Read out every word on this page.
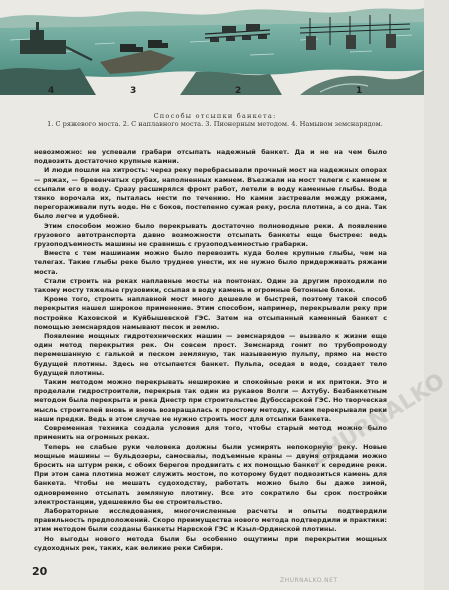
4	3	2	1
Способы отсыпки банкета:
1. С ряжевого моста. 2. С наплавного моста. 3. Пионерным методом. 4. Намывом земснарядом.

невозможно: не успевали грабари отсыпать надежный банкет. Да и не на чем было подвозить достаточно крупные камни.

И люди пошли на хитрость: через реку перебрасывали прочный мост на надежных опорах — ряжах, — бревенчатых срубах, наполненных камнем. Въезжали на мост телеги с камнем и ссыпали его в воду. Сразу расширялся фронт работ, летели в воду каменные глыбы. Вода тянко ворочала их, пыталась нести по течению. Но камни застревали между ряжами, перегораживали путь воде. Не с боков, постепенно сужая реку, росла плотина, а со дна. Так было легче и удобней.

Этим способом можно было перекрывать достаточно полноводные реки. А появление грузового автотранспорта давно возможности отсыпать банкеты еще быстрее: ведь грузоподъемность машины не сравнишь с грузоподъемностью грабарки.

Вместе с тем машинами можно было перевозить куда более крупные глыбы, чем на телегах. Такие глыбы реке было труднее унести, их не нужно было придерживать ряжами моста.

Стали строить на реках наплавные мосты на понтонах. Один за другим проходили по такому мосту тяжелые грузовики, ссыпая в воду камень и огромные бетонные блоки.

Кроме того, строить наплавной мост много дешевле и быстрей, поэтому такой способ перекрытия нашел широкое применение. Этим способом, например, перекрывали реку при постройке Каховской и Куйбышевской ГЭС. Затем на отсыпанный каменный банкет с помощью земснарядов намывают песок и землю.

Появление мощных гидротехнических машин — земснарядов — вызвало к жизни еще один метод перекрытия рек. Он совсем прост. Земснаряд гонит по трубопроводу перемешанную с галькой и песком земляную, так называемую пульпу, прямо на место будущей плотины. Здесь не отсыпается банкет. Пульпа, оседая в воде, создает тело будущей плотины.

Таким методом можно перекрывать неширокие и спокойные реки и их притоки. Это и проделали гидростроители, перекрыв так один из рукавов Волги — Ахтубу. Безбанкетным методом была перекрыта и река Днестр при строительстве Дубоссарской ГЭС. Но творческая мысль строителей вновь и вновь возвращалась к простому методу, каким перекрывали реки наши предки. Ведь в этом случае не нужно строить мост для отсыпки банкета.

Современная техника создала условия для того, чтобы старый метод можно было применить на огромных реках.

Теперь не слабые руки человека должны были усмирять непокорную реку. Новые мощные машины — бульдозеры, самосвалы, подъемные краны — двумя отрядами можно бросить на штурм реки, с обоих берегов продвигать с их помощью банкет к середине реки. При этом сама плотина может служить мостом, по которому будет подвозиться камень для банкета. Чтобы не мешать судоходству, работать можно было бы даже зимой, одновременно отсыпать земляную плотину. Все это сократило бы срок постройки электростанции, удешевило бы ее строительство.

Лабораторные исследования, многочисленные расчеты и опыты подтвердили правильность предположений. Скоро преимущества нового метода подтвердили и практики: этим методом были созданы банкеты Нарвской ГЭС и Кзыл-Ординской плотины.

Но выгоды нового метода были бы особенно ощутимы при перекрытии мощных судоходных рек, таких, как великие реки Сибири.

ZHURNALKO
ZHURNALKO.NET
20
